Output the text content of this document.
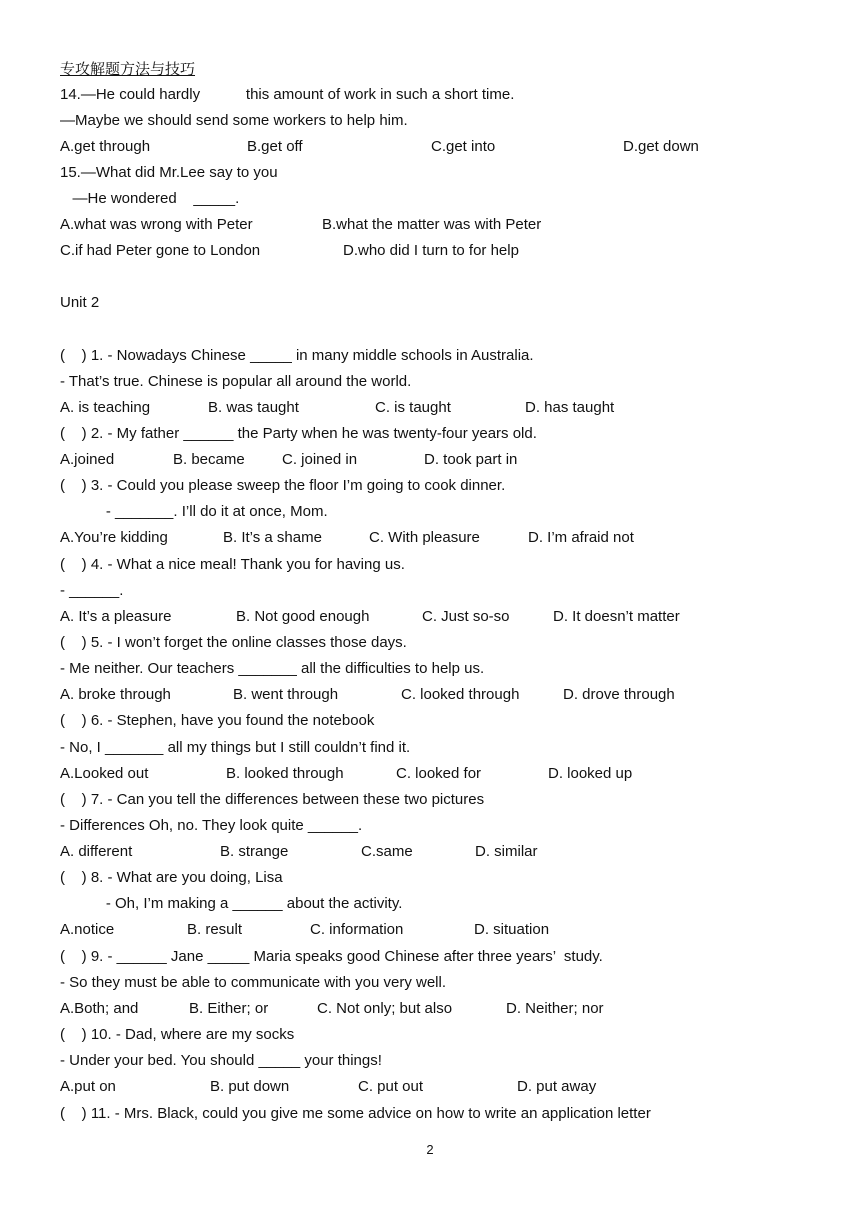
专攻解题方法与技巧
14.—He could hardly           this amount of work in such a short time.
—Maybe we should send some workers to help him.

A.get through

	B.get off

	C.get into

	D.get down

15.—What did Mr.Lee say to you
—He wondered    _____.

A.what was wrong with Peter

	B.what the matter was with Peter

C.if had Peter gone to London

	D.who did I turn to for help

Unit 2
(    ) 1. - Nowadays Chinese _____ in many middle schools in Australia.
- That’s true. Chinese is popular all around the world.

A. is teaching

	B. was taught

	C. is taught

	D. has taught

(    ) 2. - My father ______ the Party when he was twenty-four years old.

A.joined

	B. became

C. joined in

	D. took part in

(    ) 3. - Could you please sweep the floor I’m going to cook dinner.
- _______. I’ll do it at once, Mom.

A.You’re kidding

	B. It’s a shame

	C. With pleasure

	D. I’m afraid not

(    ) 4. - What a nice meal! Thank you for having us.
- ______.

A. It’s a pleasure

	B. Not good enough

	C. Just so-so

	D. It doesn’t matter

(    ) 5. - I won’t forget the online classes those days.
- Me neither. Our teachers _______ all the difficulties to help us.

A. broke through

	B. went through

	C. looked through

	D. drove through

(    ) 6. - Stephen, have you found the notebook
- No, I _______ all my things but I still couldn’t find it.

A.Looked out

	B. looked through

	C. looked for

	D. looked up

(    ) 7. - Can you tell the differences between these two pictures
- Differences Oh, no. They look quite ______.

A. different

	B. strange

	C.same

	D. similar

(    ) 8. - What are you doing, Lisa
- Oh, I’m making a ______ about the activity.

A.notice

	B. result

	C. information

	D. situation

(    ) 9. - ______ Jane _____ Maria speaks good Chinese after three years’  study.
- So they must be able to communicate with you very well.

A.Both; and

	B. Either; or

	C. Not only; but also

	D. Neither; nor

(    ) 10. - Dad, where are my socks
- Under your bed. You should _____ your things!

A.put on

	B. put down

	C. put out

	D. put away

(    ) 11. - Mrs. Black, could you give me some advice on how to write an application letter
2
